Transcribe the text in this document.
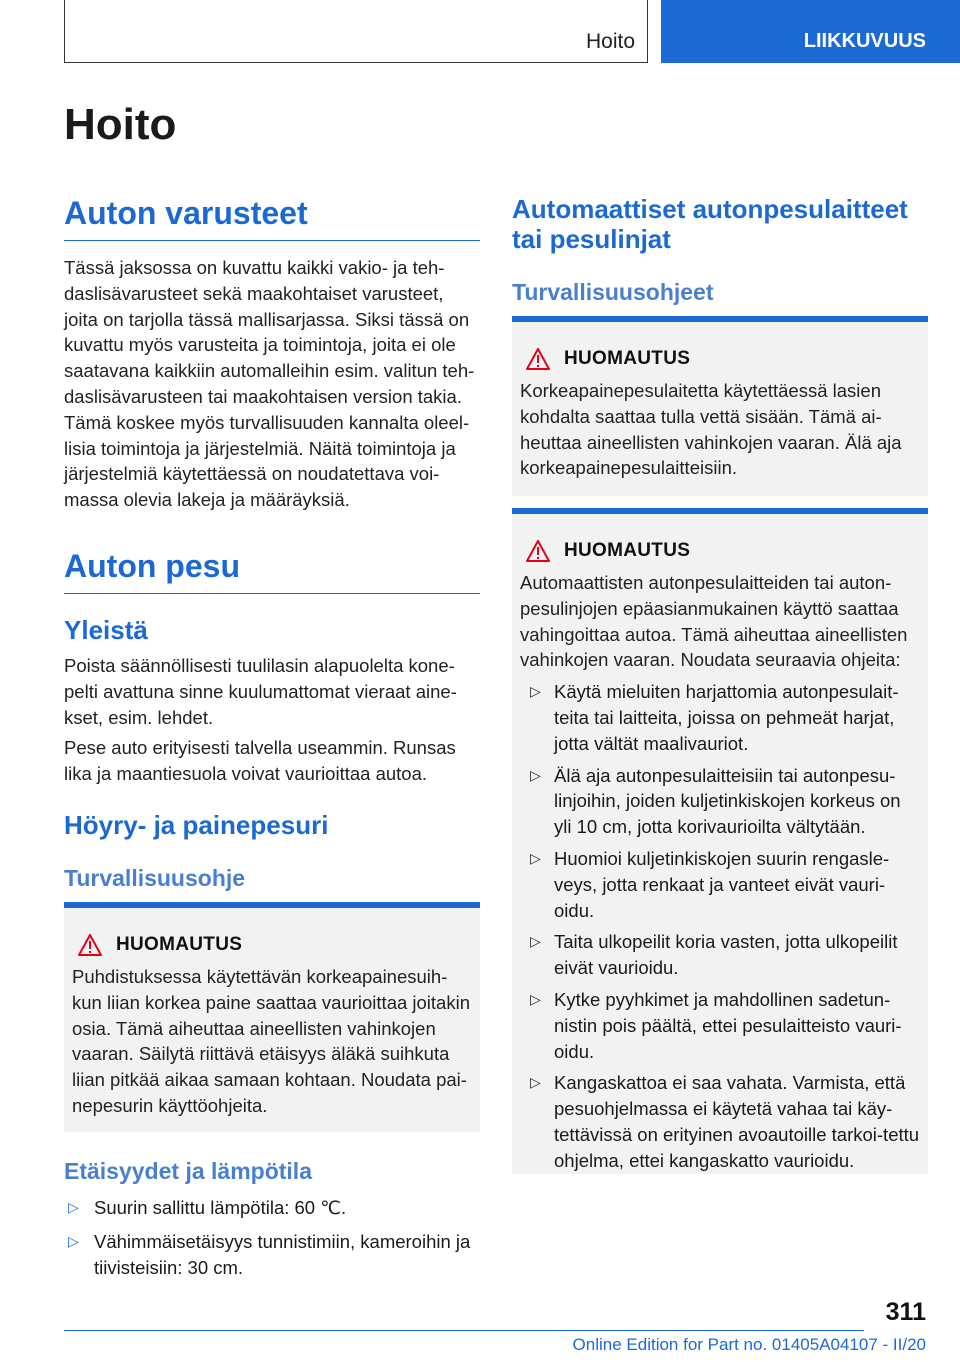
Hoito	LIIKKUVUUS
Hoito
Auton varusteet
Tässä jaksossa on kuvattu kaikki vakio- ja teh-daslisävarusteet sekä maakohtaiset varusteet, joita on tarjolla tässä mallisarjassa. Siksi tässä on kuvattu myös varusteita ja toimintoja, joita ei ole saatavana kaikkiin automalleihin esim. valitun teh-daslisävarusteen tai maakohtaisen version takia. Tämä koskee myös turvallisuuden kannalta oleel-lisia toimintoja ja järjestelmiä. Näitä toimintoja ja järjestelmiä käytettäessä on noudatettava voi-massa olevia lakeja ja määräyksiä.
Auton pesu
Yleistä
Poista säännöllisesti tuulilasin alapuolelta kone-pelti avattuna sinne kuulumattomat vieraat aine-kset, esim. lehdet.
Pese auto erityisesti talvella useammin. Runsas lika ja maantiesuola voivat vaurioittaa autoa.
Höyry- ja painepesuri
Turvallisuusohje
HUOMAUTUS
Puhdistuksessa käytettävän korkeapainesuih-kun liian korkea paine saattaa vaurioittaa joitakin osia. Tämä aiheuttaa aineellisten vahinkojen vaaran. Säilytä riittävä etäisyys äläkä suihkuta liian pitkää aikaa samaan kohtaan. Noudata pai-nepesurin käyttöohjeita.
Etäisyydet ja lämpötila
▷ Suurin sallittu lämpötila: 60 ℃.
▷ Vähimmäisetäisyys tunnistimiin, kameroihin ja tiivisteisiin: 30 cm.
Automaattiset autonpesulaitteet tai pesulinjat
Turvallisuusohjeet
HUOMAUTUS
Korkeapainepesulaitetta käytettäessä lasien kohdalta saattaa tulla vettä sisään. Tämä ai-heuttaa aineellisten vahinkojen vaaran. Älä aja korkeapainepesulaitteisiin.
HUOMAUTUS
Automaattisten autonpesulaitteiden tai auton-pesulinjojen epäasianmukainen käyttö saattaa vahingoittaa autoa. Tämä aiheuttaa aineellisten vahinkojen vaaran. Noudata seuraavia ohjeita:
▷ Käytä mieluiten harjattomia autonpesulait-teita tai laitteita, joissa on pehmeät harjat, jotta vältät maalivauriot.
▷ Älä aja autonpesulaitteisiin tai autonpesu-linjoihin, joiden kuljetinkiskojen korkeus on yli 10 cm, jotta korivaurioilta vältytään.
▷ Huomioi kuljetinkiskojen suurin rengasle-veys, jotta renkaat ja vanteet eivät vauri-oidu.
▷ Taita ulkopeilit koria vasten, jotta ulkopeilit eivät vaurioidu.
▷ Kytke pyyhkimet ja mahdollinen sadetun-nistin pois päältä, ettei pesulaitteisto vauri-oidu.
▷ Kangaskattoa ei saa vahata. Varmista, että pesuohjelmassa ei käytetä vahaa tai käy-tettävissä on erityinen avoautoille tarkoi-tettu ohjelma, ettei kangaskatto vaurioidu.
311
Online Edition for Part no. 01405A04107 - II/20
